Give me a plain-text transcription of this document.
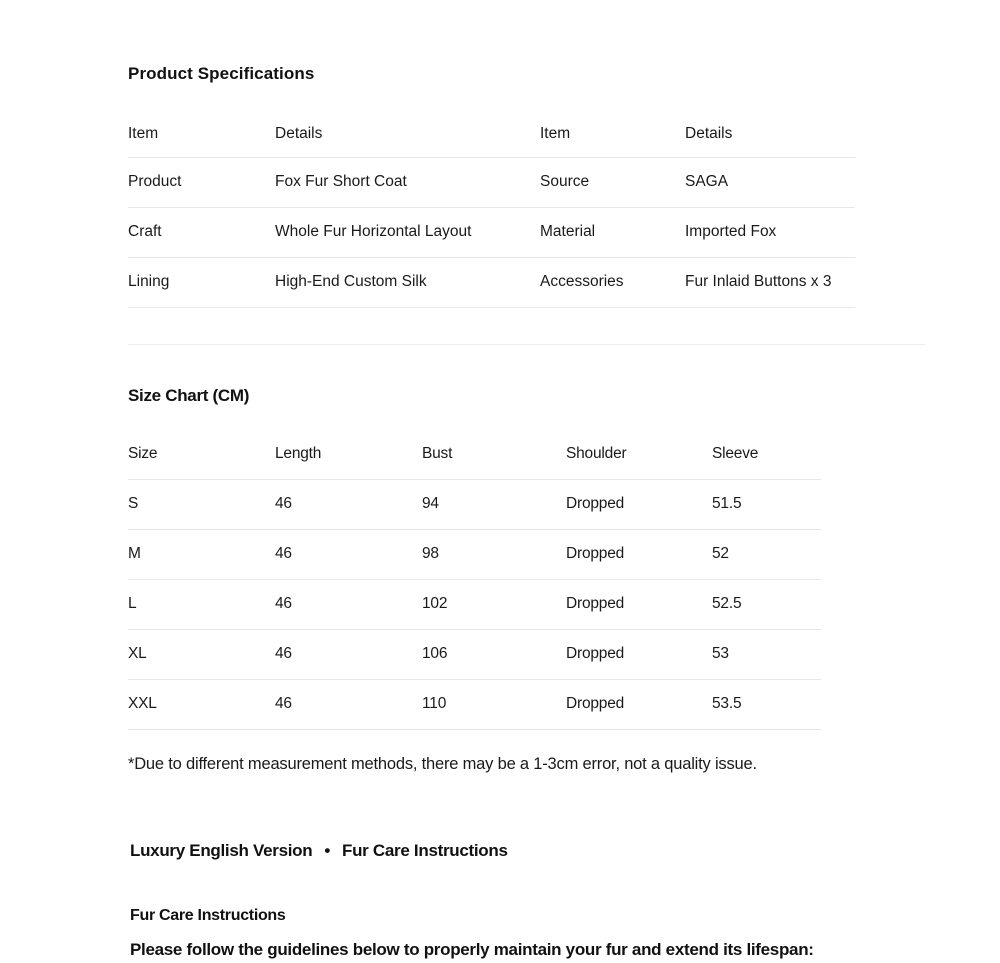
Product Specifications
Item	Details	Item	Details
Product	Fox Fur Short Coat	Source	SAGA
Craft	Whole Fur Horizontal Layout	Material	Imported Fox
Lining	High-End Custom Silk	Accessories	Fur Inlaid Buttons x 3
Size Chart (CM)
Size	Length	Bust	Shoulder	Sleeve
S	46	94	Dropped	51.5
M	46	98	Dropped	52
L	46	102	Dropped	52.5
XL	46	106	Dropped	53
XXL	46	110	Dropped	53.5
*Due to different measurement methods, there may be a 1-3cm error, not a quality issue.
Luxury English Version • Fur Care Instructions
Fur Care Instructions
Please follow the guidelines below to properly maintain your fur and extend its lifespan:
